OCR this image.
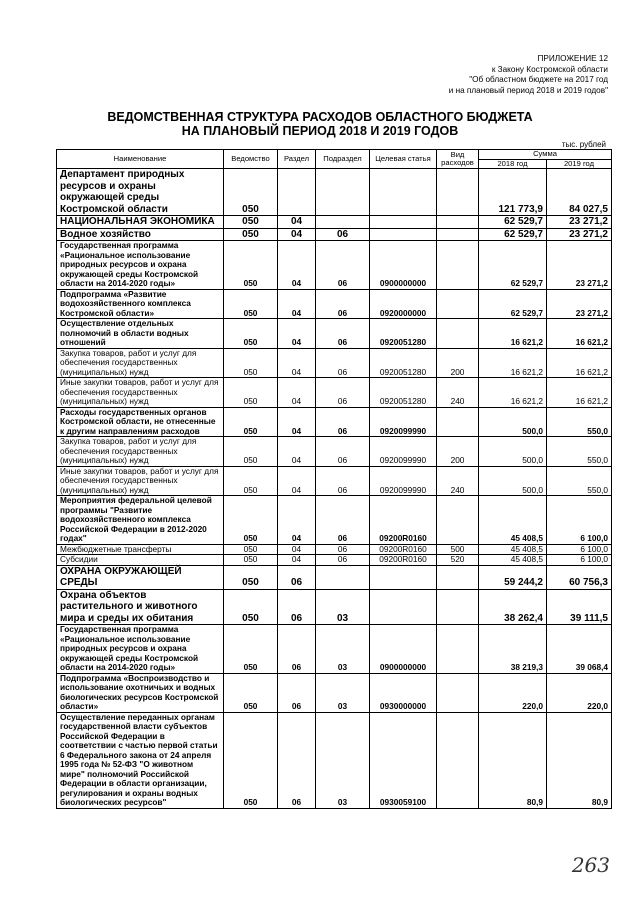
ПРИЛОЖЕНИЕ 12
к Закону Костромской области
"Об областном бюджете на 2017 год
и на плановый период 2018 и 2019 годов"
ВЕДОМСТВЕННАЯ СТРУКТУРА РАСХОДОВ ОБЛАСТНОГО БЮДЖЕТА
НА ПЛАНОВЫЙ ПЕРИОД 2018 И 2019 ГОДОВ
тыс. рублей
Наименование	Ведомство	Раздел	Подраздел	Целевая статья	Вид расходов	Сумма	
						2018 год	2019 год
Департамент природных ресурсов и охраны окружающей среды Костромской области	050					121 773,9	84 027,5
НАЦИОНАЛЬНАЯ ЭКОНОМИКА	050	04				62 529,7	23 271,2
Водное хозяйство	050	04	06			62 529,7	23 271,2
Государственная программа «Рациональное использование природных ресурсов и охрана окружающей среды Костромской области на 2014-2020 годы»	050	04	06	0900000000		62 529,7	23 271,2
Подпрограмма «Развитие водохозяйственного комплекса Костромской области»	050	04	06	0920000000		62 529,7	23 271,2
Осуществление отдельных полномочий в области водных отношений	050	04	06	0920051280		16 621,2	16 621,2
Закупка товаров, работ и услуг для обеспечения государственных (муниципальных) нужд	050	04	06	0920051280	200	16 621,2	16 621,2
Иные закупки товаров, работ и услуг для обеспечения государственных (муниципальных) нужд	050	04	06	0920051280	240	16 621,2	16 621,2
Расходы государственных органов Костромской области, не отнесенные к другим направлениям расходов	050	04	06	0920099990		500,0	550,0
Закупка товаров, работ и услуг для обеспечения государственных (муниципальных) нужд	050	04	06	0920099990	200	500,0	550,0
Иные закупки товаров, работ и услуг для обеспечения государственных (муниципальных) нужд	050	04	06	0920099990	240	500,0	550,0
Мероприятия федеральной целевой программы "Развитие водохозяйственного комплекса Российской Федерации в 2012-2020 годах"	050	04	06	09200R0160		45 408,5	6 100,0
Межбюджетные трансферты	050	04	06	09200R0160	500	45 408,5	6 100,0
Субсидии	050	04	06	09200R0160	520	45 408,5	6 100,0
ОХРАНА ОКРУЖАЮЩЕЙ СРЕДЫ	050	06				59 244,2	60 756,3
Охрана объектов растительного и животного мира и среды их обитания	050	06	03			38 262,4	39 111,5
Государственная программа «Рациональное использование природных ресурсов и охрана окружающей среды Костромской области на 2014-2020 годы»	050	06	03	0900000000		38 219,3	39 068,4
Подпрограмма «Воспроизводство и использование охотничьих и водных биологических ресурсов Костромской области»	050	06	03	0930000000		220,0	220,0
Осуществление переданных органам государственной власти субъектов Российской Федерации в соответствии с частью первой статьи 6 Федерального закона от 24 апреля 1995 года № 52-ФЗ "О животном мире" полномочий Российской Федерации в области организации, регулирования и охраны водных биологических ресурсов"	050	06	03	0930059100		80,9	80,9
263
